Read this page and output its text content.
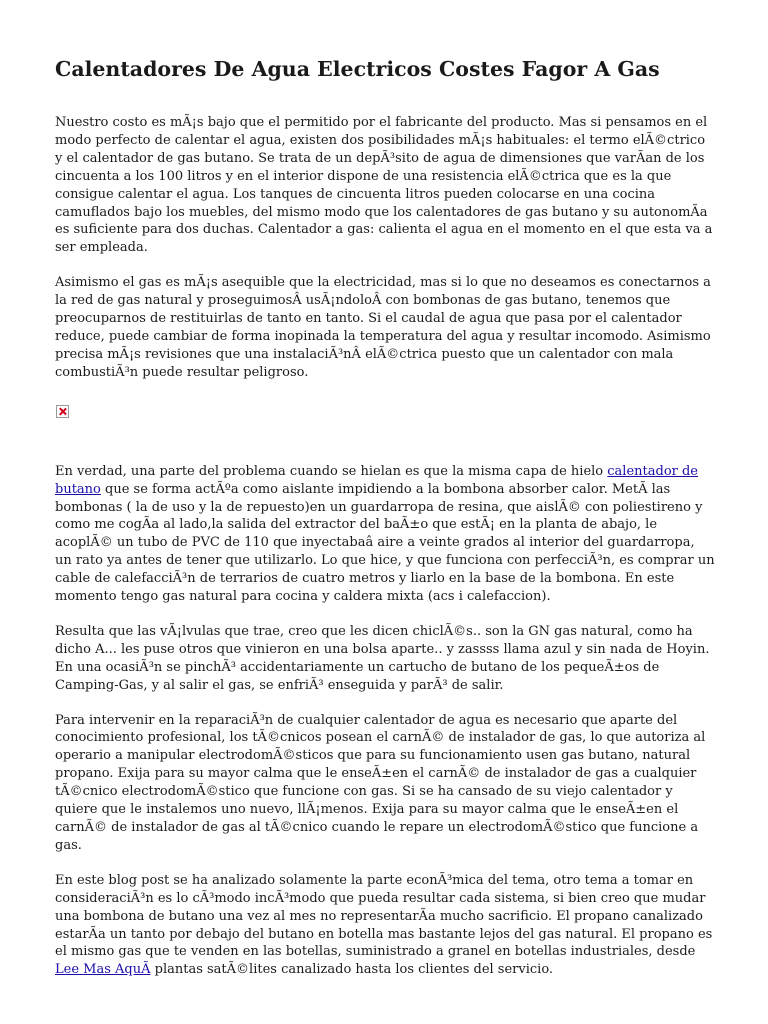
Calentadores De Agua Electricos Costes Fagor A Gas

Nuestro costo es mÃ¡s bajo que el permitido por el fabricante del producto. Mas si pensamos en el modo perfecto de calentar el agua, existen dos posibilidades mÃ¡s habituales: el termo elÃ©ctrico y el calentador de gas butano. Se trata de un depÃ³sito de agua de dimensiones que varÃan de los cincuenta a los 100 litros y en el interior dispone de una resistencia elÃ©ctrica que es la que consigue calentar el agua. Los tanques de cincuenta litros pueden colocarse en una cocina camuflados bajo los muebles, del mismo modo que los calentadores de gas butano y su autonomÃa es suficiente para dos duchas. Calentador a gas: calienta el agua en el momento en el que esta va a ser empleada.

Asimismo el gas es mÃ¡s asequible que la electricidad, mas si lo que no deseamos es conectarnos a la red de gas natural y proseguimosÂ usÃ¡ndoloÂ con bombonas de gas butano, tenemos que preocuparnos de restituirlas de tanto en tanto. Si el caudal de agua que pasa por el calentador reduce, puede cambiar de forma inopinada la temperatura del agua y resultar incomodo. Asimismo precisa mÃ¡s revisiones que una instalaciÃ³nÂ elÃ©ctrica puesto que un calentador con mala combustiÃ³n puede resultar peligroso.

En verdad, una parte del problema cuando se hielan es que la misma capa de hielo calentador de butano que se forma actÃºa como aislante impidiendo a la bombona absorber calor. MetÃ las bombonas ( la de uso y la de repuesto)en un guardarropa de resina, que aislÃ© con poliestireno y como me cogÃa al lado,la salida del extractor del baÃ±o que estÃ¡ en la planta de abajo, le acoplÃ© un tubo de PVC de 110 que inyectabaâ aire a veinte grados al interior del guardarropa, un rato ya antes de tener que utilizarlo. Lo que hice, y que funciona con perfecciÃ³n, es comprar un cable de calefacciÃ³n de terrarios de cuatro metros y liarlo en la base de la bombona. En este momento tengo gas natural para cocina y caldera mixta (acs i calefaccion).

Resulta que las vÃ¡lvulas que trae, creo que les dicen chiclÃ©s.. son la GN gas natural, como ha dicho A... les puse otros que vinieron en una bolsa aparte.. y zassss llama azul y sin nada de Hoyin. En una ocasiÃ³n se pinchÃ³ accidentariamente un cartucho de butano de los pequeÃ±os de Camping-Gas, y al salir el gas, se enfriÃ³ enseguida y parÃ³ de salir.

Para intervenir en la reparaciÃ³n de cualquier calentador de agua es necesario que aparte del conocimiento profesional, los tÃ©cnicos posean el carnÃ© de instalador de gas, lo que autoriza al operario a manipular electrodomÃ©sticos que para su funcionamiento usen gas butano, natural propano. Exija para su mayor calma que le enseÃ±en el carnÃ© de instalador de gas a cualquier tÃ©cnico electrodomÃ©stico que funcione con gas. Si se ha cansado de su viejo calentador y quiere que le instalemos uno nuevo, llÃ¡menos. Exija para su mayor calma que le enseÃ±en el carnÃ© de instalador de gas al tÃ©cnico cuando le repare un electrodomÃ©stico que funcione a gas.

En este blog post se ha analizado solamente la parte econÃ³mica del tema, otro tema a tomar en consideraciÃ³n es lo cÃ³modo incÃ³modo que pueda resultar cada sistema, si bien creo que mudar una bombona de butano una vez al mes no representarÃa mucho sacrificio. El propano canalizado estarÃa un tanto por debajo del butano en botella mas bastante lejos del gas natural. El propano es el mismo gas que te venden en las botellas, suministrado a granel en botellas industriales, desde Lee Mas AquÃ plantas satÃ©lites canalizado hasta los clientes del servicio.
